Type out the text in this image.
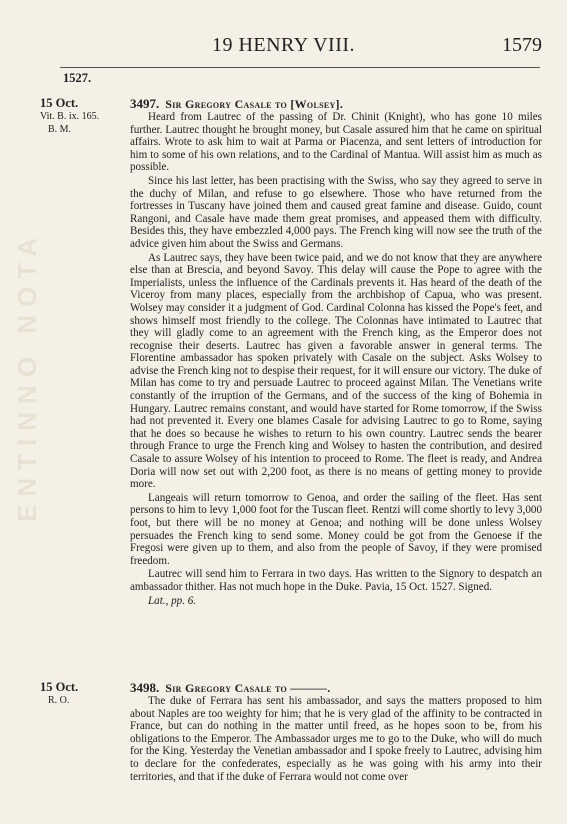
ENTINNO NOTA
19 HENRY VIII.	1579
1527.
15 Oct.
Vit. B. ix. 165.
B. M.
3497. Sir Gregory Casale to [Wolsey].

Heard from Lautrec of the passing of Dr. Chinit (Knight), who has gone 10 miles further. Lautrec thought he brought money, but Casale assured him that he came on spiritual affairs. Wrote to ask him to wait at Parma or Piacenza, and sent letters of introduction for him to some of his own relations, and to the Cardinal of Mantua. Will assist him as much as possible.

Since his last letter, has been practising with the Swiss, who say they agreed to serve in the duchy of Milan, and refuse to go elsewhere. Those who have returned from the fortresses in Tuscany have joined them and caused great famine and disease. Guido, count Rangoni, and Casale have made them great promises, and appeased them with difficulty. Besides this, they have embezzled 4,000 pays. The French king will now see the truth of the advice given him about the Swiss and Germans.

As Lautrec says, they have been twice paid, and we do not know that they are anywhere else than at Brescia, and beyond Savoy. This delay will cause the Pope to agree with the Imperialists, unless the influence of the Cardinals prevents it. Has heard of the death of the Viceroy from many places, especially from the archbishop of Capua, who was present. Wolsey may consider it a judgment of God. Cardinal Colonna has kissed the Pope's feet, and shows himself most friendly to the college. The Colonnas have intimated to Lautrec that they will gladly come to an agreement with the French king, as the Emperor does not recognise their deserts. Lautrec has given a favorable answer in general terms. The Florentine ambassador has spoken privately with Casale on the subject. Asks Wolsey to advise the French king not to despise their request, for it will ensure our victory. The duke of Milan has come to try and persuade Lautrec to proceed against Milan. The Venetians write constantly of the irruption of the Germans, and of the success of the king of Bohemia in Hungary. Lautrec remains constant, and would have started for Rome tomorrow, if the Swiss had not prevented it. Every one blames Casale for advising Lautrec to go to Rome, saying that he does so because he wishes to return to his own country. Lautrec sends the bearer through France to urge the French king and Wolsey to hasten the contribution, and desired Casale to assure Wolsey of his intention to proceed to Rome. The fleet is ready, and Andrea Doria will now set out with 2,200 foot, as there is no means of getting money to provide more.

Langeais will return tomorrow to Genoa, and order the sailing of the fleet. Has sent persons to him to levy 1,000 foot for the Tuscan fleet. Rentzi will come shortly to levy 3,000 foot, but there will be no money at Genoa; and nothing will be done unless Wolsey persuades the French king to send some. Money could be got from the Genoese if the Fregosi were given up to them, and also from the people of Savoy, if they were promised freedom.

Lautrec will send him to Ferrara in two days. Has written to the Signory to despatch an ambassador thither. Has not much hope in the Duke. Pavia, 15 Oct. 1527. Signed.

Lat., pp. 6.

15 Oct.
R. O.
3498. Sir Gregory Casale to ———.

The duke of Ferrara has sent his ambassador, and says the matters proposed to him about Naples are too weighty for him; that he is very glad of the affinity to be contracted in France, but can do nothing in the matter until freed, as he hopes soon to be, from his obligations to the Emperor. The Ambassador urges me to go to the Duke, who will do much for the King. Yesterday the Venetian ambassador and I spoke freely to Lautrec, advising him to declare for the confederates, especially as he was going with his army into their territories, and that if the duke of Ferrara would not come over
